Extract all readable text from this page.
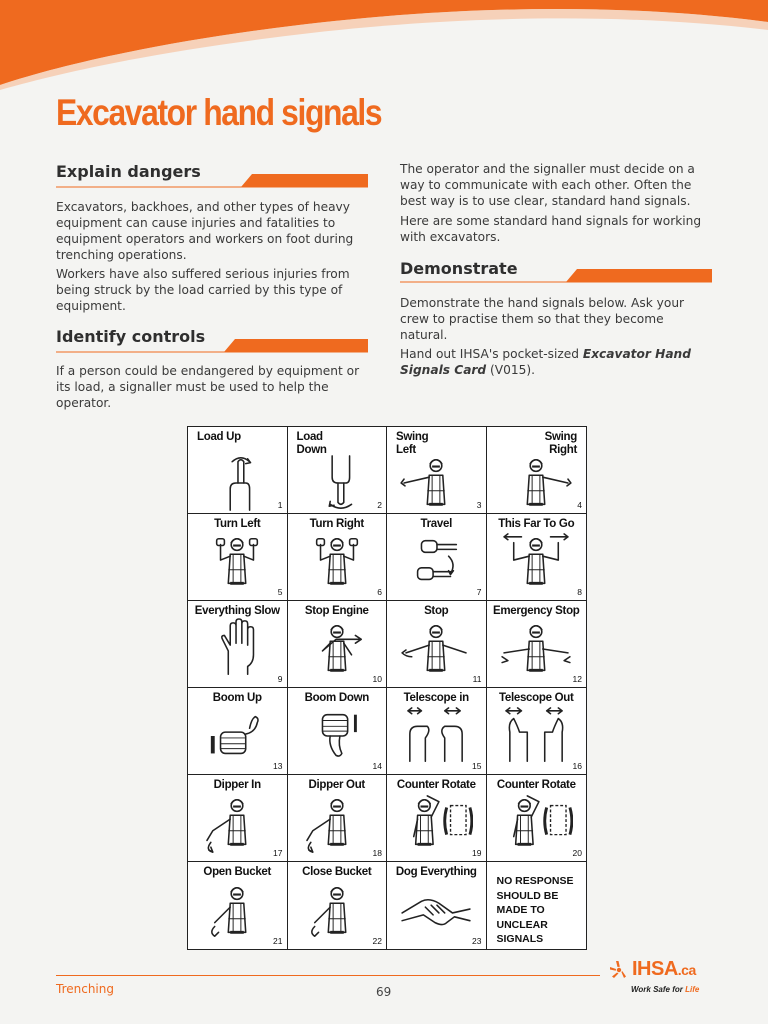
Excavator hand signals
Explain dangers

Excavators, backhoes, and other types of heavy equipment can cause injuries and fatalities to equipment operators and workers on foot during trenching operations.

Workers have also suffered serious injuries from being struck by the load carried by this type of equipment.

Identify controls

If a person could be endangered by equipment or its load, a signaller must be used to help the operator.

The operator and the signaller must decide on a way to communicate with each other. Often the best way is to use clear, standard hand signals.

Here are some standard hand signals for working with excavators.

Demonstrate

Demonstrate the hand signals below. Ask your crew to practise them so that they become natural.

Hand out IHSA's pocket-sized Excavator Hand Signals Card (V015).

Load Up
1
Load Down
2
Swing Left
3
Swing Right
4
Turn Left
5
Turn Right
6
Travel
7
This Far To Go
8
Everything Slow
9
Stop Engine
10
Stop
11
Emergency Stop
12
Boom Up
13
Boom Down
14
Telescope in
15
Telescope Out
16
Dipper In
17
Dipper Out
18
Counter Rotate
19
Counter Rotate
20
Open Bucket
21
Close Bucket
22
Dog Everything
23
NO RESPONSE SHOULD BE MADE TO UNCLEAR SIGNALS

Trenching	69

IHSA.ca
Work Safe for Life
